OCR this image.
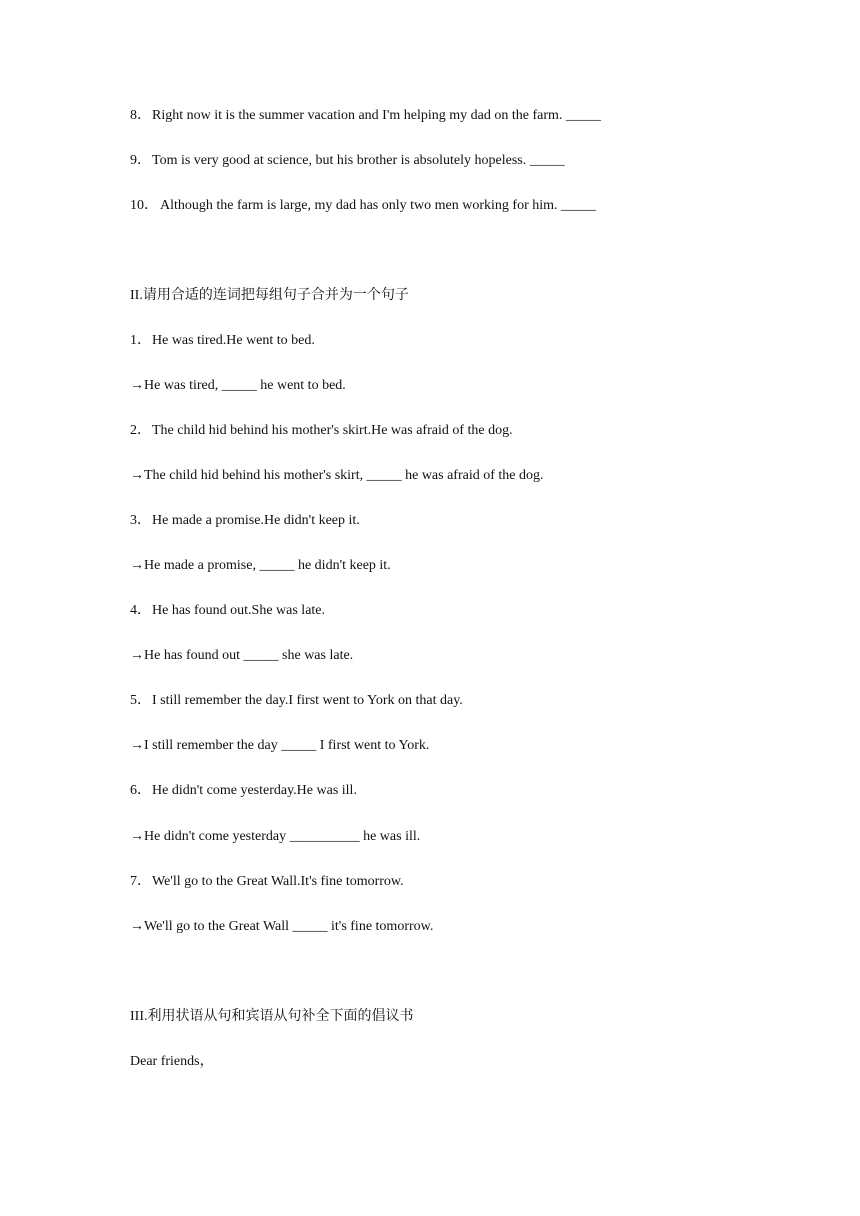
8．Right now it is the summer vacation and I'm helping my dad on the farm. _____
9．Tom is very good at science, but his brother is absolutely hopeless. _____
10． Although the farm is large, my dad has only two men working for him. _____
II.请用合适的连词把每组句子合并为一个句子
1．He was tired.He went to bed.
→He was tired, _____ he went to bed.
2．The child hid behind his mother's skirt.He was afraid of the dog.
→The child hid behind his mother's skirt, _____ he was afraid of the dog.
3．He made a promise.He didn't keep it.
→He made a promise, _____ he didn't keep it.
4．He has found out.She was late.
→He has found out _____ she was late.
5．I still remember the day.I first went to York on that day.
→I still remember the day _____ I first went to York.
6．He didn't come yesterday.He was ill.
→He didn't come yesterday __________ he was ill.
7．We'll go to the Great Wall.It's fine tomorrow.
→We'll go to the Great Wall _____ it's fine tomorrow.
III.利用状语从句和宾语从句补全下面的倡议书
Dear friends，
